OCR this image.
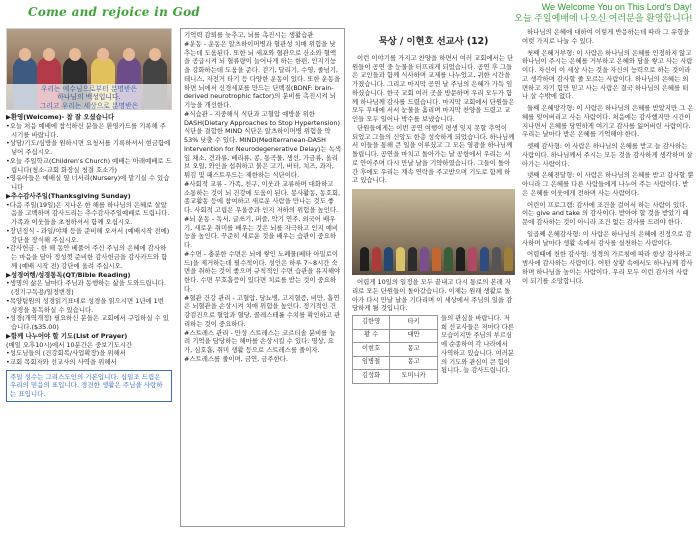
Come and rejoice in God	We Welcome You on This Lord's Day!
오늘 주일예배에 나오신 여러분을 환영합니다!
우리는 예수님으로부터 분명받은
하나님의 백성입니다.
그리고 우리는 세상으로 분명받은

▶환영(Welcome)- 참 잘 오셨습니다

•오늘 처음 예배에 참석하신 분들은 환영카드를 기록해 주시기를 바랍니다.

•상담/기도/심방을 원하시면 요청서를 기록하셔서 현금함에 넣어 주십시오.

•오늘 주일학교(Children's Church) 예배는 아래예배로 드립니다(청소-교회 화장실 청결 호소가)

•영유아들은 예배실 옆 너서리(Nursery)에 맡기실 수 있습니다

▶추수감사주일(Thanksgiving Sunday)

•다음 주일(19일)은 지나온 한 해를 하나님의 은혜로 살았음을 고백하며 감사드리는 추수감사주일예배로 드립니다. 가족과 이웃들을 초청하셔서 함께 오십시오.

•장년정식 - 과일/야채 등을 준비해 오셔서 (예배시작 전에) 강단을 장식해 주십시오.

•감사헌금 - 한 해 동안 베풀어 주신 주님의 은혜에 감사하는 마음을 담아 정성껏 준비한 감사헌금을 감사카드와 함께 (예배 시작 전) 강단에 올려 주십시오.

▶성경여행/성경통독(QT/Bible Reading)

•생명의 삶은 날마다 주님과 동행하는 삶을 도와드립니다. (정기구독용/일정변경)

•목양팀원의 성경읽기표대로 성경을 읽으시면 1년에 1번 성경을 통독하실 수 있습니다.

•성경(개역개정) 필요하신 분들은 교회에서 구입하실 수 있습니다.($35.00)

▶함께 나누어야 할 기도(List of Prayer)

(매일 오후10시)에서 10분간은 중보기도시간

•성도님들의 (건강회복/사업확장)을 위해서

•교회 목회자와 선교사의 사역을 위해서

주일 성수는 그리스도인의 기본입니다. 십일조 드림은 우리의 믿음의 표입니다. 경건한 생활은 주님을 사랑하는 표입니다.

기억력 감퇴를 늦추고, 뇌를 촉진시는 생활습관

#운동 - 운동은 알츠하이머병과 혈관성 치매 위험을 낮추는데 도움된다. 또한 뇌 세포와 혈관으로 산소와 혈액을 공급시켜 뇌 혈류량이 늘어나게 하는 한편, 인지기능을 강화하는데 도움을 준다. 걷기, 달리기, 수영, 줄넘기, 테니스, 자전거 타기 등 다양한 운동이 있다. 또한 운동을 하면 뇌에서 신경세포를 만드는 단백질(BDNF: brain-derived neurotrophic factor)의 분비를 촉진시켜 뇌기능을 개선한다.

#식습관 - 지중해식 식단과 고혈압 예방을 위한 DASH(Dietary Approaches to Stop Hypertension) 식단을 결합한 MIND 식단은 알츠하이머병 위험을 약 53% 낮출 수 있다. MIND(Mediterranean-DASH Intervention for Neurodegenerative Delay)는 녹색잎 채소, 견과류, 베리류, 콩, 통곡물, 생선, 가금류, 올리브 오일, 와인을 섭취하고 붉은 고기, 버터, 치즈, 과자, 튀김 및 패스트푸드는 제한하는 식단이다.

#사회적 교류 - 가족, 친구, 이웃과 교류하며 대화하고 소통하는 것이 뇌 건강에 도움이 된다. 봉사활동, 동호회, 종교활동 등에 참여하고 새로운 사람을 만나는 것도 좋다. 사회적 고립은 우울증과 인지 저하의 위험을 높인다.

#뇌 운동 - 독서, 글쓰기, 퍼즐, 악기 연주, 외국어 배우기, 새로운 취미를 배우는 것은 뇌를 자극하고 인지 예비능을 높인다. 꾸준히 새로운 것을 배우는 습관이 중요하다.

#수면 - 충분한 수면은 뇌에 쌓인 노폐물(베타 아밀로이드)을 제거하는데 필수적이다. 성인은 하루 7~8시간 숙면을 취하는 것이 좋으며 규칙적인 수면 습관을 유지해야 한다. 수면 무호흡증이 있다면 치료를 받는 것이 중요하다.

#혈관 건강 관리 - 고혈압, 당뇨병, 고지혈증, 비만, 흡연은 뇌혈관을 손상시켜 치매 위험을 높인다. 정기적인 건강검진으로 혈압과 혈당, 콜레스테롤 수치를 확인하고 관리하는 것이 중요하다.

#스트레스 관리 - 만성 스트레스는 코르티솔 분비를 늘려 기억을 담당하는 해마를 손상시킬 수 있다. 명상, 요가, 심호흡, 취미 생활 등으로 스트레스를 줄이자.

#스트레스를 줄이며, 금연, 금주한다.

묵상 / 이현호 선교사 (12)

이런 이야기를 가지고 찬양을 하면서 여러 교회에서는 단원들이 공연 중 눈물을 터뜨리게 되었습니다. 공연 후 그들은 교인들과 함께 식사하며 교제를 나누었고, 귀한 시간을 가졌습니다. 그리고 마지막 공연 날 주님의 은혜가 가득 임하셨습니다. 한국 교회 여러 곳을 방문하며 우리 모두가 함께 하나님께 감사를 드렸습니다. 마지막 교회에서 단원들은 모두 무대에 서서 눈물을 흘리며 마지막 찬양을 드렸고 교인들 모두 일어나 박수를 보냈습니다.

단원들에게는 이번 공연 여행이 평생 잊지 못할 추억이 되었고 그들의 신앙도 한층 성숙하게 되었습니다. 하나님께서 이들을 통해 큰 일을 이루셨고 그 모든 영광을 하나님께 돌립니다. 공연을 마치고 돌아가는 날 공항에서 우리는 서로 안아주며 다시 만날 날을 기약하였습니다. 그들이 돌아간 후에도 우리는 계속 연락을 주고받으며 기도로 함께 하고 있습니다.

어렵게 10일의 일정을 모두 끝내고 다시 통로의 본래 자리로 모든 단원들이 돌아갔습니다. 이제는 원래 생활로 돌아가 다시 만날 날을 기다리며 이 세상에서 주님의 일을 감당하게 될 것입니다.

김한영	타키
황 수	대만
이현호	몽고
임병철	몽고
김성화	도미니카
들의 관심을 바랍니다. 저희 선교사들은 저마다 다른 모습이지만 주님의 부르심에 순종하여 각 나라에서 사역하고 있습니다. 여러분의 기도와 관심이 큰 힘이 됩니다. 늘 감사드립니다.

하나님의 은혜에 대하여 이렇게 반응하는데 따라 그 유형을 여럿 가지로 나눌 수 있다.

첫째 은혜거부형: 이 사람은 하나님의 은혜를 인정하지 않고 하나님이 주시는 은혜를 거부하고 은혜와 담을 쌓고 사는 사람이다. 자신이 이 세상 사는 것을 자신의 능력으로 하는 것이라고 생각하며 감사할 줄 모르는 사람이다. 하나님의 은혜는 외면하고 자기 힘만 믿고 사는 사람은 결국 하나님의 은혜를 떠나 살 수밖에 없다.

둘째 은혜망각형: 이 사람은 하나님의 은혜를 받았지만 그 은혜를 잊어버리고 사는 사람이다. 처음에는 감사했지만 시간이 지나면서 은혜를 당연하게 여기고 감사를 잃어버린 사람이다. 우리는 날마다 받은 은혜를 기억해야 한다.

셋째 감사형: 이 사람은 하나님의 은혜를 받고 늘 감사하는 사람이다. 하나님께서 주시는 모든 것을 감사하게 생각하며 살아가는 사람이다.

넷째 은혜전달형: 이 사람은 하나님의 은혜를 받고 감사할 뿐 아니라 그 은혜를 다른 사람들에게 나누어 주는 사람이다. 받은 은혜를 이웃에게 전하며 사는 사람이다.

어린이 프로그램: 감사에 조건을 걸어서 하는 사람이 있다. 이는 give and take 의 감사이다. 받아야 할 것을 받았기 때문에 감사하는 것이 아니라 조건 없는 감사를 드려야 한다.

일곱째 은혜감사형: 이 사람은 하나님의 은혜에 진정으로 감사하며 날마다 생활 속에서 감사를 실천하는 사람이다.

어렵때에 천한 감사형: 성경의 가르침에 따라 항상 감사하고 범사에 감사하는 사람이다. 어떤 상황 속에서도 하나님께 감사하며 하나님을 높이는 사람이다. 우리 모두 이런 감사의 사람이 되기를 소망합니다.
